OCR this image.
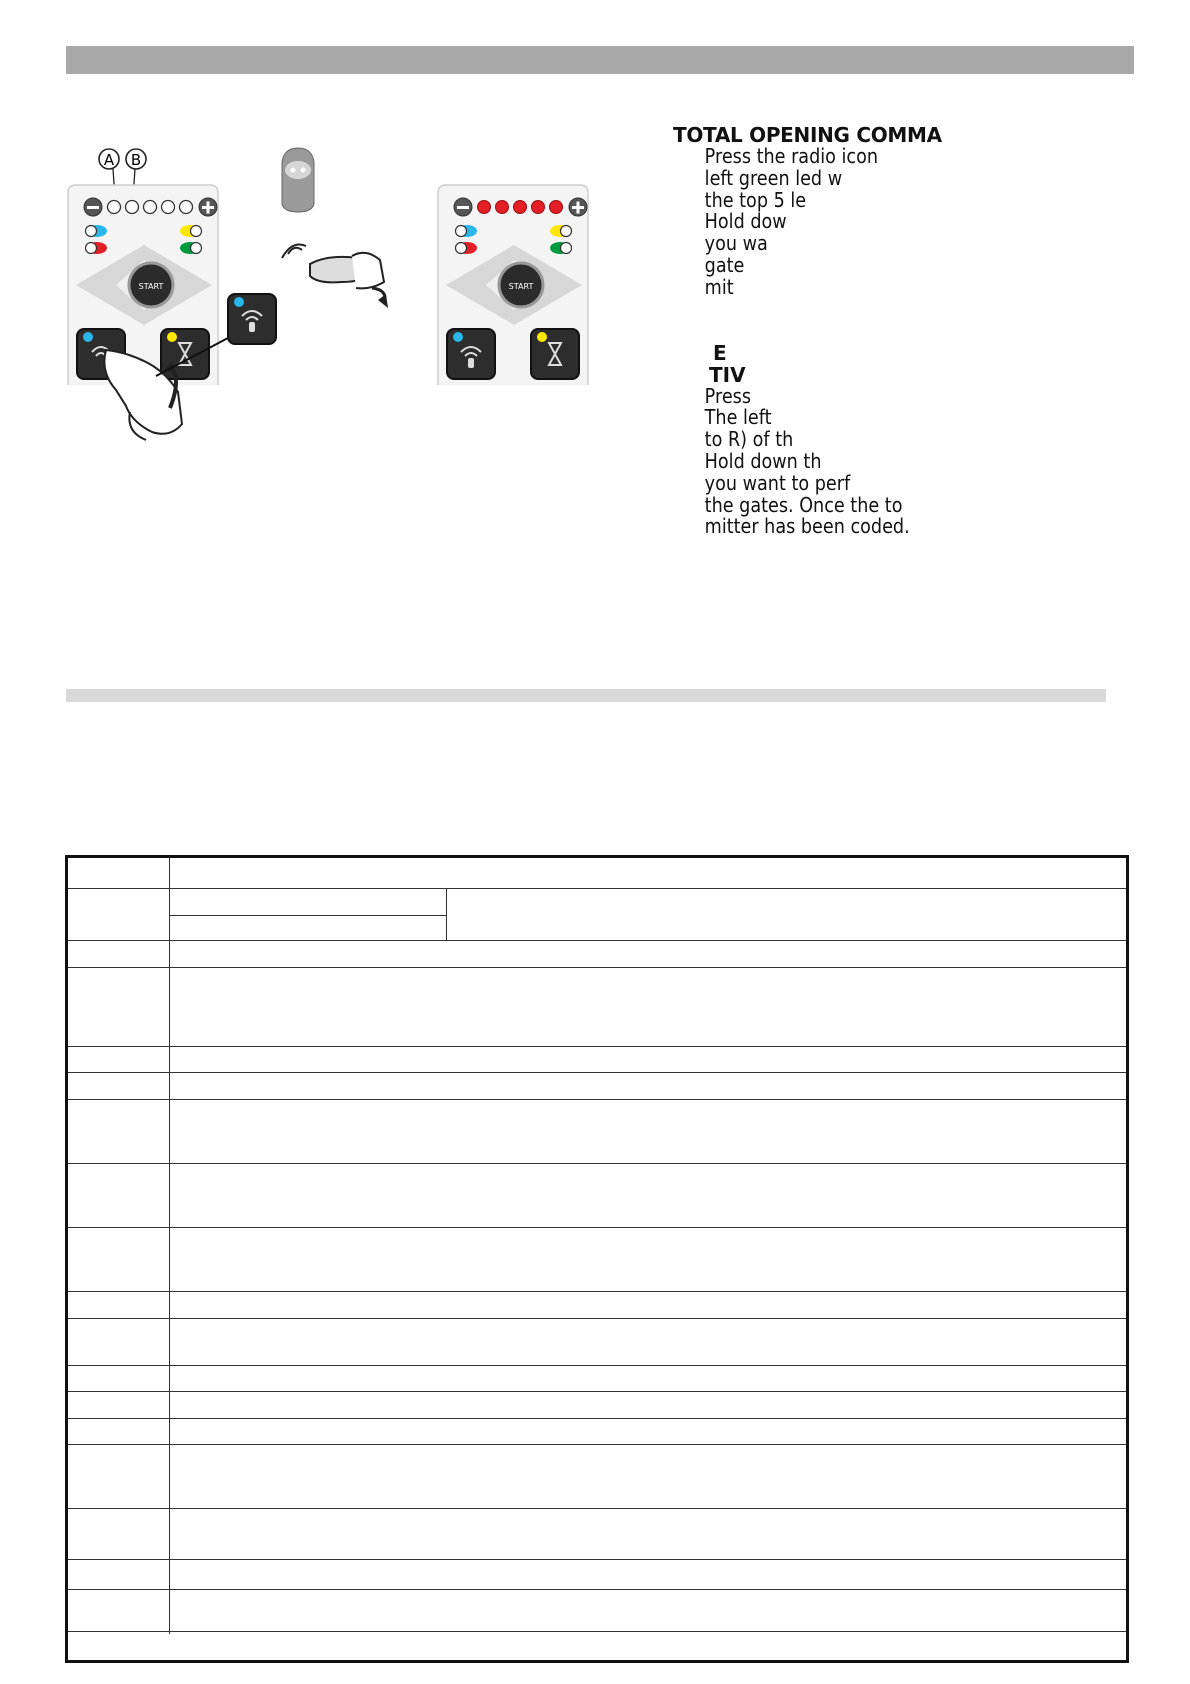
A B
START	START
TOTAL OPENING COMMA
Press the radio icon
left green led w
the top 5 le
Hold dow
you wa
gate
mit
E
TIV
Press
The left
to R) of th
Hold down th
you want to perf
the gates. Once the to
mitter has been coded.
